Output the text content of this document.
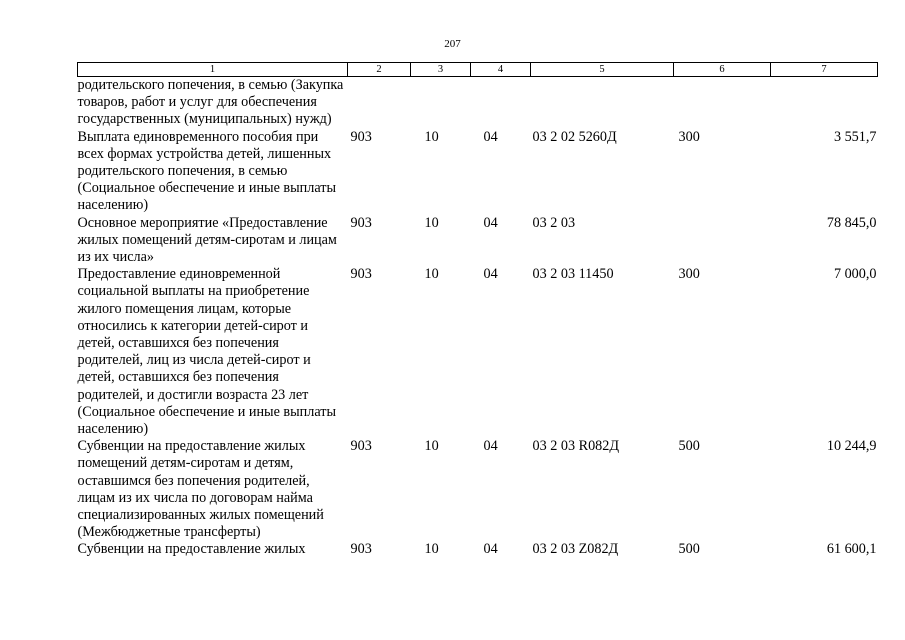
207
1	2	3	4	5	6	7
родительского попечения, в семью (Закупка товаров, работ и услуг для обеспечения государственных (муниципальных) нужд)						
Выплата единовременного пособия при всех формах устройства детей, лишенных родительского попечения, в семью (Социальное обеспечение и иные выплаты населению)	903	10	04	03 2 02 5260Д	300	3 551,7
Основное мероприятие «Предоставление жилых помещений детям-сиротам и лицам из их числа»	903	10	04	03 2 03		78 845,0
Предоставление единовременной социальной выплаты на приобретение жилого помещения лицам, которые относились к категории детей-сирот и детей, оставшихся без попечения родителей, лиц из числа детей-сирот и детей, оставшихся без попечения родителей, и достигли возраста 23 лет (Социальное обеспечение и иные выплаты населению)	903	10	04	03 2 03 11450	300	7 000,0
Субвенции на предоставление жилых помещений детям-сиротам и детям, оставшимся без попечения родителей, лицам из их числа по договорам найма специализированных жилых помещений (Межбюджетные трансферты)	903	10	04	03 2 03 R082Д	500	10 244,9
Субвенции на предоставление жилых	903	10	04	03 2 03 Z082Д	500	61 600,1
